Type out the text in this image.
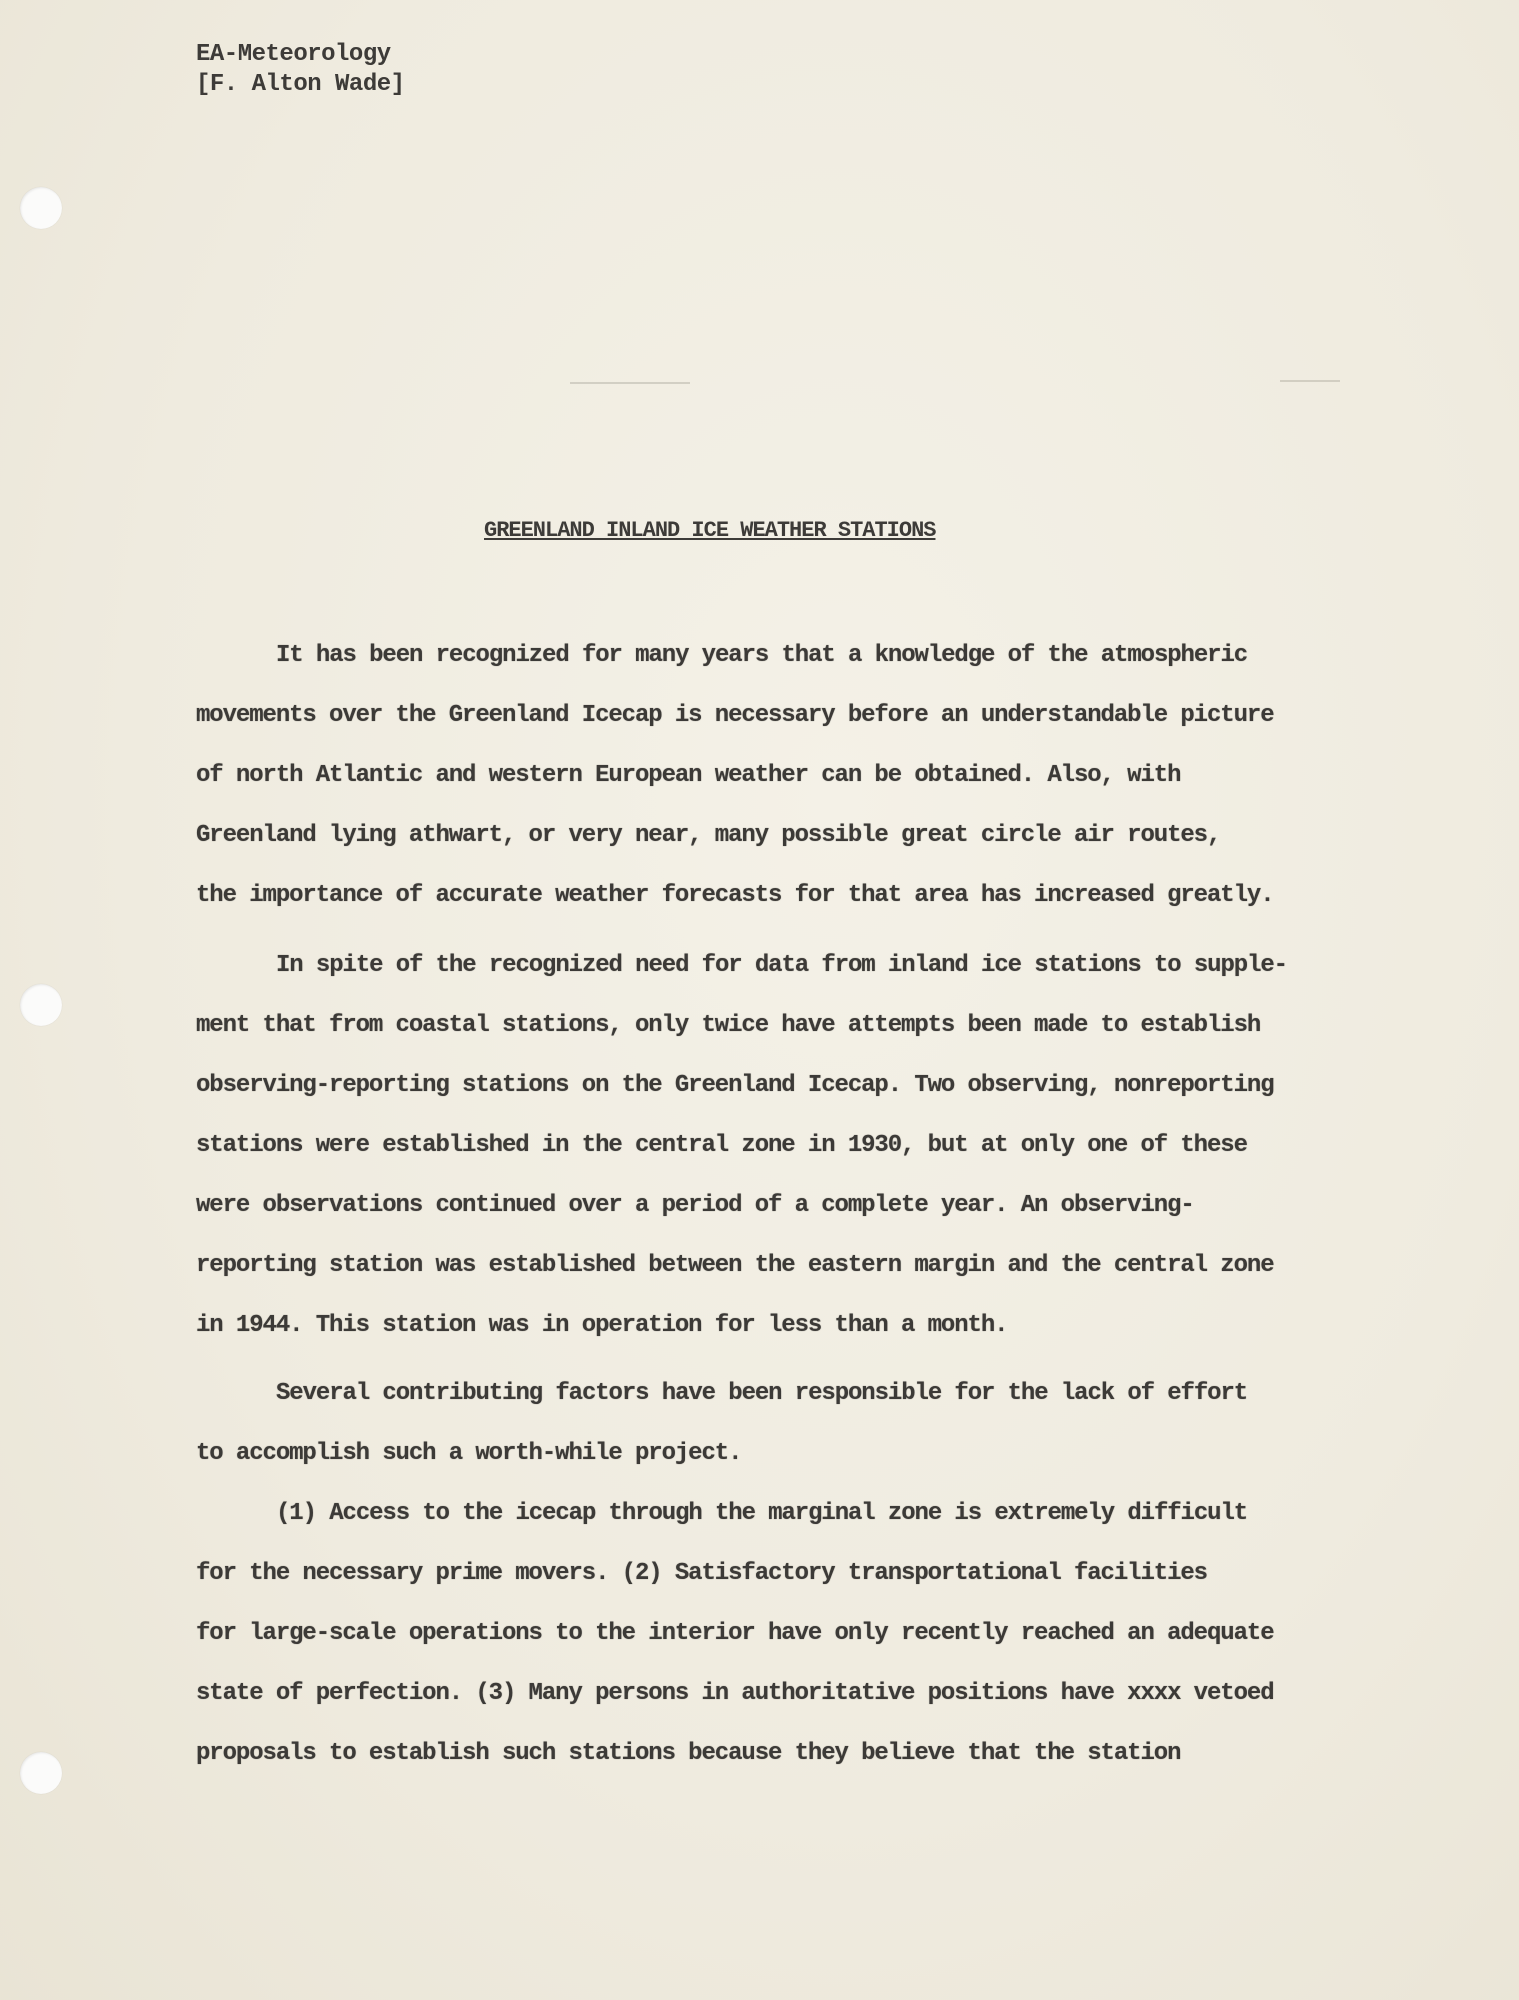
EA-Meteorology
[F. Alton Wade]
GREENLAND INLAND ICE WEATHER STATIONS
It has been recognized for many years that a knowledge of the atmospheric
movements over the Greenland Icecap is necessary before an understandable picture
of north Atlantic and western European weather can be obtained. Also, with
Greenland lying athwart, or very near, many possible great circle air routes,
the importance of accurate weather forecasts for that area has increased greatly.
In spite of the recognized need for data from inland ice stations to supple-
ment that from coastal stations, only twice have attempts been made to establish
observing-reporting stations on the Greenland Icecap. Two observing, nonreporting
stations were established in the central zone in 1930, but at only one of these
were observations continued over a period of a complete year. An observing-
reporting station was established between the eastern margin and the central zone
in 1944. This station was in operation for less than a month.
Several contributing factors have been responsible for the lack of effort
to accomplish such a worth-while project.
(1) Access to the icecap through the marginal zone is extremely difficult
for the necessary prime movers. (2) Satisfactory transportational facilities
for large-scale operations to the interior have only recently reached an adequate
state of perfection. (3) Many persons in authoritative positions have xxxx vetoed
proposals to establish such stations because they believe that the station
